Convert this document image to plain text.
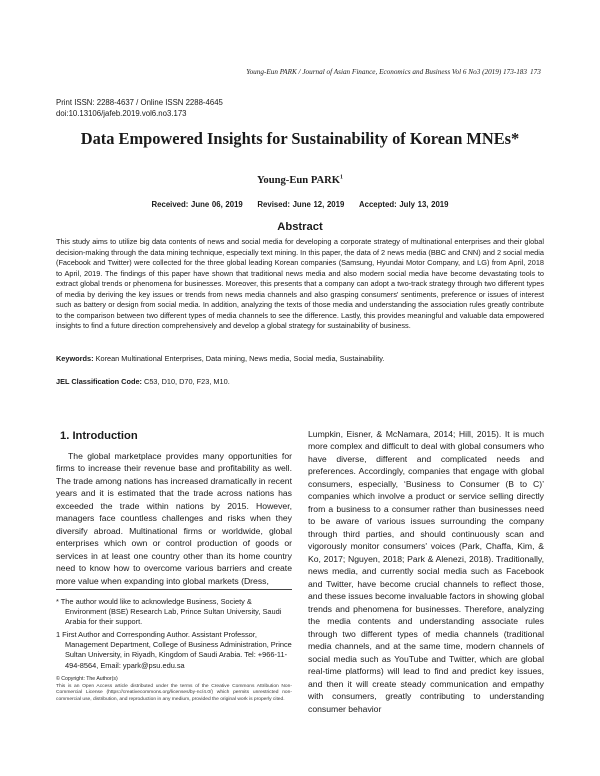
Young-Eun PARK / Journal of Asian Finance, Economics and Business Vol 6 No3 (2019) 173-183 173
Print ISSN: 2288-4637 / Online ISSN 2288-4645
doi:10.13106/jafeb.2019.vol6.no3.173
Data Empowered Insights for Sustainability of Korean MNEs*
Young-Eun PARK$^1$
Received: June 06, 2019 Revised: June 12, 2019 Accepted: July 13, 2019
Abstract
This study aims to utilize big data contents of news and social media for developing a corporate strategy of multinational enterprises and their global decision-making through the data mining technique, especially text mining. In this paper, the data of 2 news media (BBC and CNN) and 2 social media (Facebook and Twitter) were collected for the three global leading Korean companies (Samsung, Hyundai Motor Company, and LG) from April, 2018 to April, 2019. The findings of this paper have shown that traditional news media and also modern social media have become devastating tools to extract global trends or phenomena for businesses. Moreover, this presents that a company can adopt a two-track strategy through two different types of media by deriving the key issues or trends from news media channels and also grasping consumers' sentiments, preference or issues of interest such as battery or design from social media. In addition, analyzing the texts of those media and understanding the association rules greatly contribute to the comparison between two different types of media channels to see the difference. Lastly, this provides meaningful and valuable data empowered insights to find a future direction comprehensively and develop a global strategy for sustainability of business.
Keywords: Korean Multinational Enterprises, Data mining, News media, Social media, Sustainability.
JEL Classification Code: C53, D10, D70, F23, M10.
1. Introduction

The global marketplace provides many opportunities for firms to increase their revenue base and profitability as well. The trade among nations has increased dramatically in recent years and it is estimated that the trade across nations has exceeded the trade within nations by 2015. However, managers face countless challenges and risks when they diversify abroad. Multinational firms or worldwide, global enterprises which own or control production of goods or services in at least one country other than its home country need to know how to overcome various barriers and create more value when expanding into global markets (Dress,

Lumpkin, Eisner, & McNamara, 2014; Hill, 2015). It is much more complex and difficult to deal with global consumers who have diverse, different and complicated needs and preferences. Accordingly, companies that engage with global consumers, especially, ‘Business to Consumer (B to C)’ companies which involve a product or service selling directly from a business to a consumer rather than businesses need to be aware of various issues surrounding the company through third parties, and should continuously scan and vigorously monitor consumers' voices (Park, Chaffa, Kim, & Ko, 2017; Nguyen, 2018; Park & Alenezi, 2018). Traditionally, news media, and currently social media such as Facebook and Twitter, have become crucial channels to reflect those, and these issues become invaluable factors in showing global trends and phenomena for businesses. Therefore, analyzing the media contents and understanding associate rules through two different types of media channels (traditional media channels, and at the same time, modern channels of social media such as YouTube and Twitter, which are global real-time platforms) will lead to find and predict key issues, and then it will create steady communication and empathy with consumers, greatly contributing to understanding consumer behavior

* The author would like to acknowledge Business, Society &
Environment (BSE) Research Lab, Prince Sultan University, Saudi Arabia for their support.
1 First Author and Corresponding Author. Assistant Professor,
Management Department, College of Business Administration, Prince Sultan University, in Riyadh, Kingdom of Saudi Arabia. Tel: +966-11-494-8564, Email: ypark@psu.edu.sa
© Copyright: The Author(s)
This is an Open Access article distributed under the terms of the Creative Commons Attribution Non-Commercial License (https://creativecommons.org/licenses/by-nc/4.0/) which permits unrestricted non-commercial use, distribution, and reproduction in any medium, provided the original work is properly cited.
